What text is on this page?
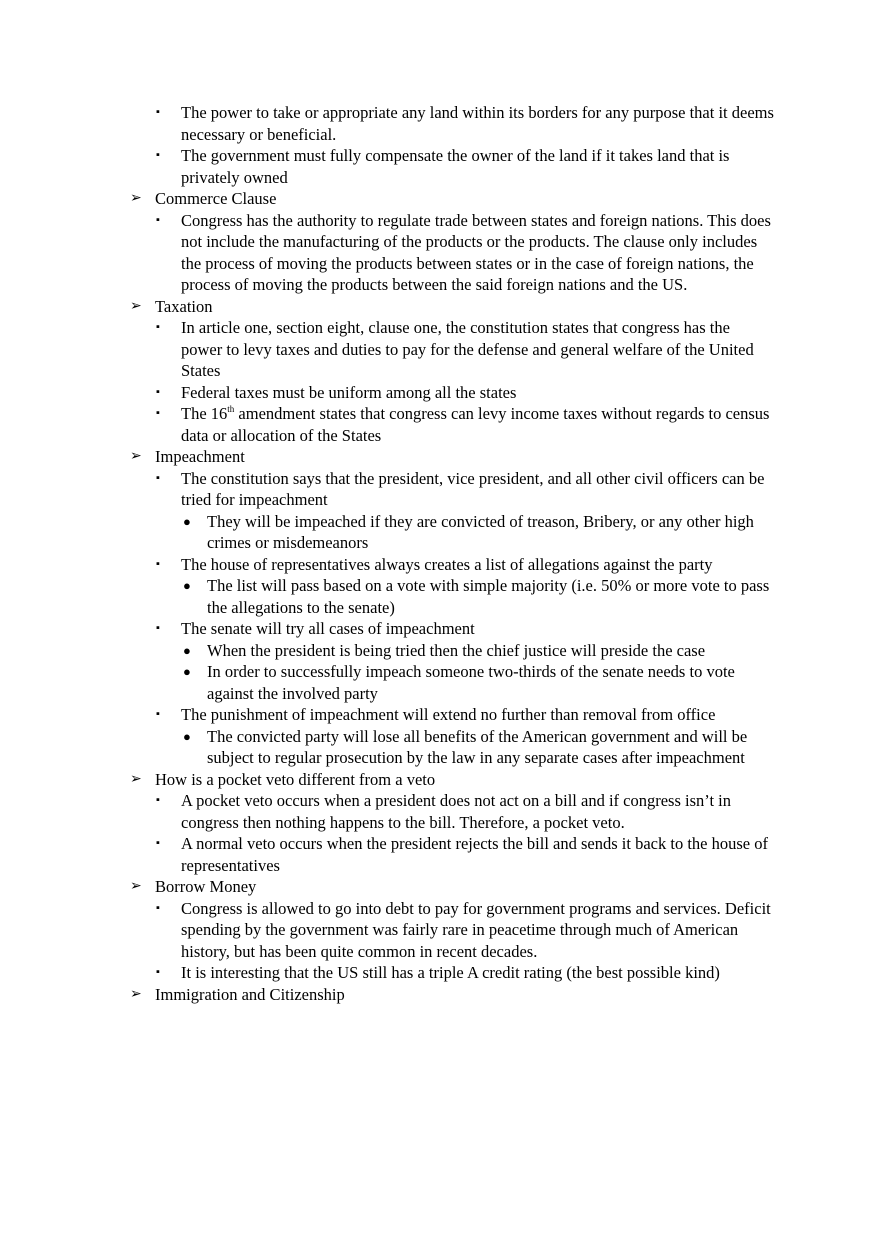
▪ The power to take or appropriate any land within its borders for any purpose that it deems necessary or beneficial.
▪ The government must fully compensate the owner of the land if it takes land that is privately owned
➢ Commerce Clause
▪ Congress has the authority to regulate trade between states and foreign nations. This does not include the manufacturing of the products or the products. The clause only includes the process of moving the products between states or in the case of foreign nations, the process of moving the products between the said foreign nations and the US.
➢ Taxation
▪ In article one, section eight, clause one, the constitution states that congress has the power to levy taxes and duties to pay for the defense and general welfare of the United States
▪ Federal taxes must be uniform among all the states
▪ The 16th amendment states that congress can levy income taxes without regards to census data or allocation of the States
➢ Impeachment
▪ The constitution says that the president, vice president, and all other civil officers can be tried for impeachment
● They will be impeached if they are convicted of treason, Bribery, or any other high crimes or misdemeanors
▪ The house of representatives always creates a list of allegations against the party
● The list will pass based on a vote with simple majority (i.e. 50% or more vote to pass the allegations to the senate)
▪ The senate will try all cases of impeachment
● When the president is being tried then the chief justice will preside the case
● In order to successfully impeach someone two-thirds of the senate needs to vote against the involved party
▪ The punishment of impeachment will extend no further than removal from office
● The convicted party will lose all benefits of the American government and will be subject to regular prosecution by the law in any separate cases after impeachment
➢ How is a pocket veto different from a veto
▪ A pocket veto occurs when a president does not act on a bill and if congress isn’t in congress then nothing happens to the bill. Therefore, a pocket veto.
▪ A normal veto occurs when the president rejects the bill and sends it back to the house of representatives
➢ Borrow Money
▪ Congress is allowed to go into debt to pay for government programs and services. Deficit spending by the government was fairly rare in peacetime through much of American history, but has been quite common in recent decades.
▪ It is interesting that the US still has a triple A credit rating (the best possible kind)
➢ Immigration and Citizenship
